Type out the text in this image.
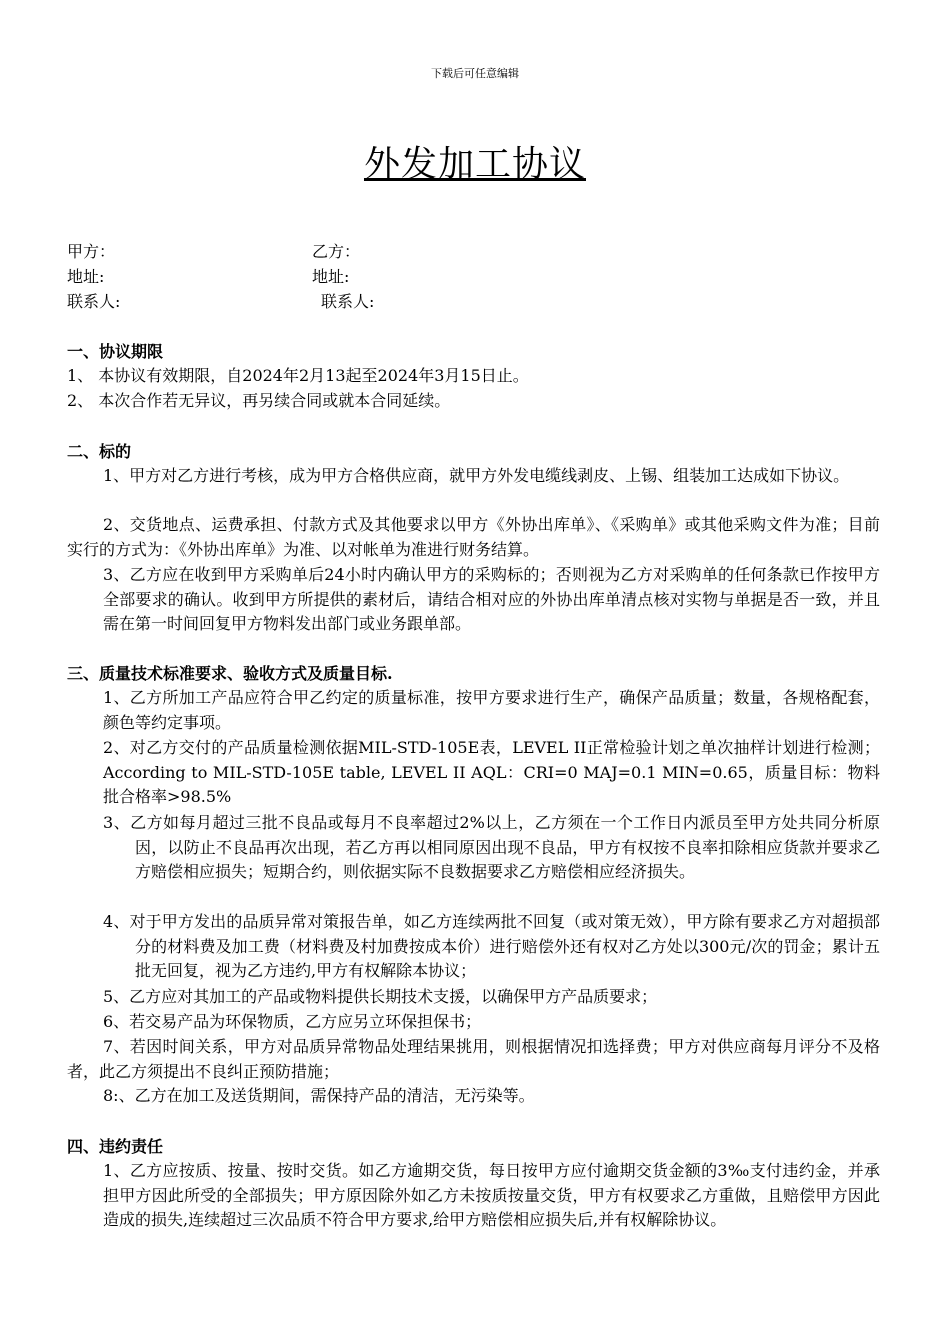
下载后可任意编辑
外发加工协议
甲方：	乙方：
地址:	地址:
联系人:	联系人:
一、协议期限
1、 本协议有效期限，自2024年2月13起至2024年3月15日止。
2、 本次合作若无异议，再另续合同或就本合同延续。
二、标的
1、甲方对乙方进行考核，成为甲方合格供应商，就甲方外发电缆线剥皮、上锡、组装加工达成如下协议。
2、交货地点、运费承担、付款方式及其他要求以甲方《外协出库单》、《采购单》或其他采购文件为准；目前实行的方式为：《外协出库单》为准、以对帐单为准进行财务结算。
3、乙方应在收到甲方采购单后24小时内确认甲方的采购标的；否则视为乙方对采购单的任何条款已作按甲方全部要求的确认。收到甲方所提供的素材后，请结合相对应的外协出库单清点核对实物与单据是否一致，并且需在第一时间回复甲方物料发出部门或业务跟单部。
三、质量技术标准要求、验收方式及质量目标.
1、乙方所加工产品应符合甲乙约定的质量标准，按甲方要求进行生产，确保产品质量；数量，各规格配套，颜色等约定事项。
2、对乙方交付的产品质量检测依据MIL-STD-105E表，LEVEL II正常检验计划之单次抽样计划进行检测；According to MIL-STD-105E table, LEVEL II AQL：CRI=0 MAJ=0.1 MIN=0.65，质量目标：物料批合格率>98.5%
3、乙方如每月超过三批不良品或每月不良率超过2%以上，乙方须在一个工作日内派员至甲方处共同分析原因，以防止不良品再次出现，若乙方再以相同原因出现不良品，甲方有权按不良率扣除相应货款并要求乙方赔偿相应损失；短期合约，则依据实际不良数据要求乙方赔偿相应经济损失。
4、对于甲方发出的品质异常对策报告单，如乙方连续两批不回复（或对策无效），甲方除有要求乙方对超损部分的材料费及加工费（材料费及村加费按成本价）进行赔偿外还有权对乙方处以300元/次的罚金；累计五批无回复，视为乙方违约,甲方有权解除本协议；
5、乙方应对其加工的产品或物料提供长期技术支援，以确保甲方产品质要求；
6、若交易产品为环保物质，乙方应另立环保担保书；
7、若因时间关系，甲方对品质异常物品处理结果挑用，则根据情况扣选择费；甲方对供应商每月评分不及格者，此乙方须提出不良纠正预防措施；
8:、乙方在加工及送货期间，需保持产品的清洁，无污染等。
四、违约责任
1、乙方应按质、按量、按时交货。如乙方逾期交货，每日按甲方应付逾期交货金额的3‰支付违约金，并承担甲方因此所受的全部损失；甲方原因除外如乙方未按质按量交货，甲方有权要求乙方重做，且赔偿甲方因此造成的损失,连续超过三次品质不符合甲方要求,给甲方赔偿相应损失后,并有权解除协议。
